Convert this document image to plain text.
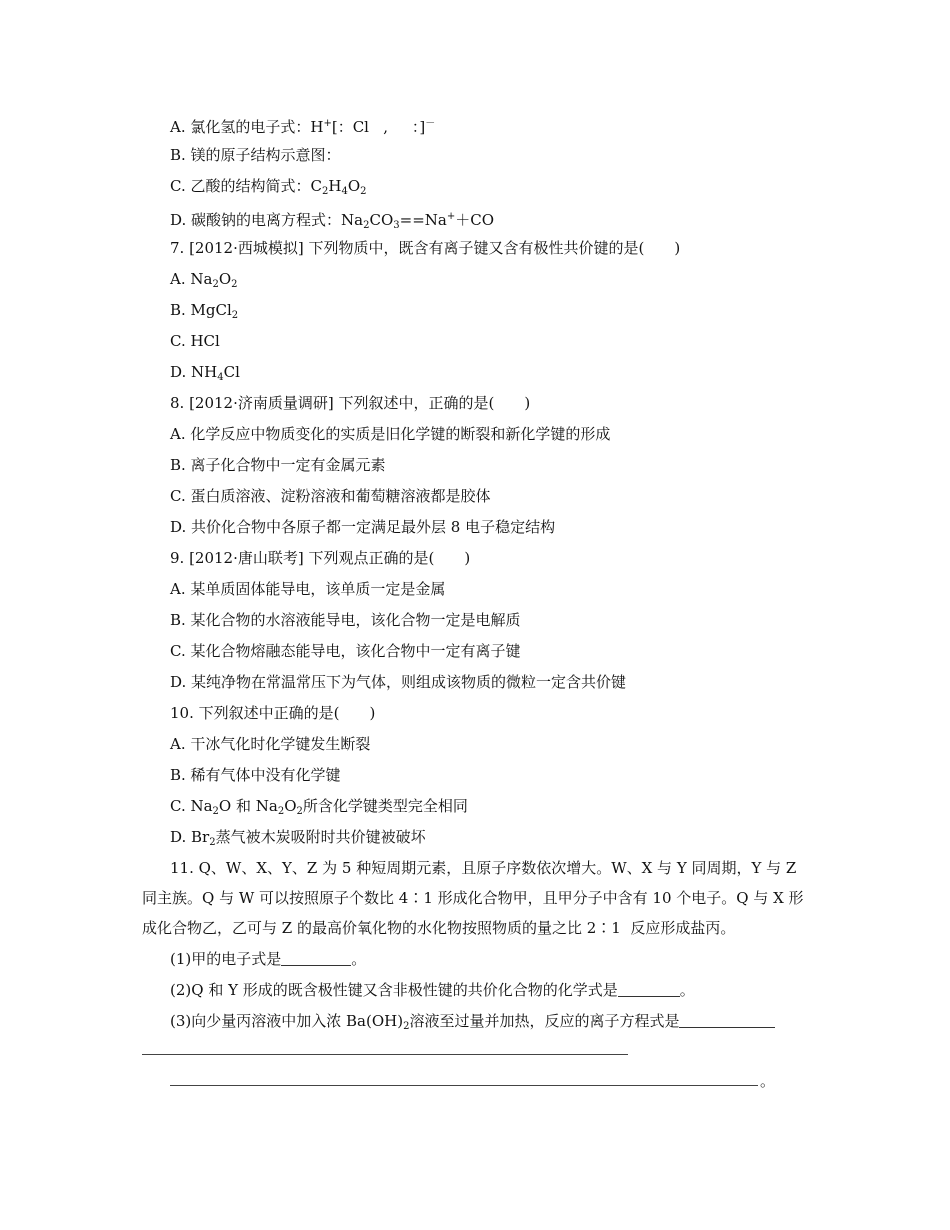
A. 氯化氢的电子式：H+[：Cl   ,     ：]－
B. 镁的原子结构示意图：
C. 乙酸的结构简式：$C_2H_4O_2$
D. 碳酸钠的电离方程式：$Na_2CO_3==Na^++CO$
7. [2012·西城模拟] 下列物质中，既含有离子键又含有极性共价键的是(　　)
A. $Na_2O_2$
B. MgCl$_2$
C. HCl
D. $NH_4Cl$
8. [2012·济南质量调研] 下列叙述中，正确的是(　　)
A. 化学反应中物质变化的实质是旧化学键的断裂和新化学键的形成
B. 离子化合物中一定有金属元素
C. 蛋白质溶液、淀粉溶液和葡萄糖溶液都是胶体
D. 共价化合物中各原子都一定满足最外层 8 电子稳定结构
9. [2012·唐山联考] 下列观点正确的是(　　)
A. 某单质固体能导电，该单质一定是金属
B. 某化合物的水溶液能导电，该化合物一定是电解质
C. 某化合物熔融态能导电，该化合物中一定有离子键
D. 某纯净物在常温常压下为气体，则组成该物质的微粒一定含共价键
10. 下列叙述中正确的是(　　)
A. 干冰气化时化学键发生断裂
B. 稀有气体中没有化学键
C. $Na_2O$ 和 $Na_2O_2$所含化学键类型完全相同
D. $Br_2$蒸气被木炭吸附时共价键被破坏
11. Q、W、X、Y、Z 为 5 种短周期元素，且原子序数依次增大。W、X 与 Y 同周期，Y 与 Z
同主族。Q 与 W 可以按照原子个数比 4∶1 形成化合物甲，且甲分子中含有 10 个电子。Q 与 X 形
成化合物乙，乙可与 Z 的最高价氧化物的水化物按照物质的量之比 2∶1  反应形成盐丙。
(1)甲的电子式是	。
(2)Q 和 Y 形成的既含极性键又含非极性键的共价化合物的化学式是	。
(3)向少量丙溶液中加入浓 $Ba(OH)_2$溶液至过量并加热，反应的离子方程式是
。
